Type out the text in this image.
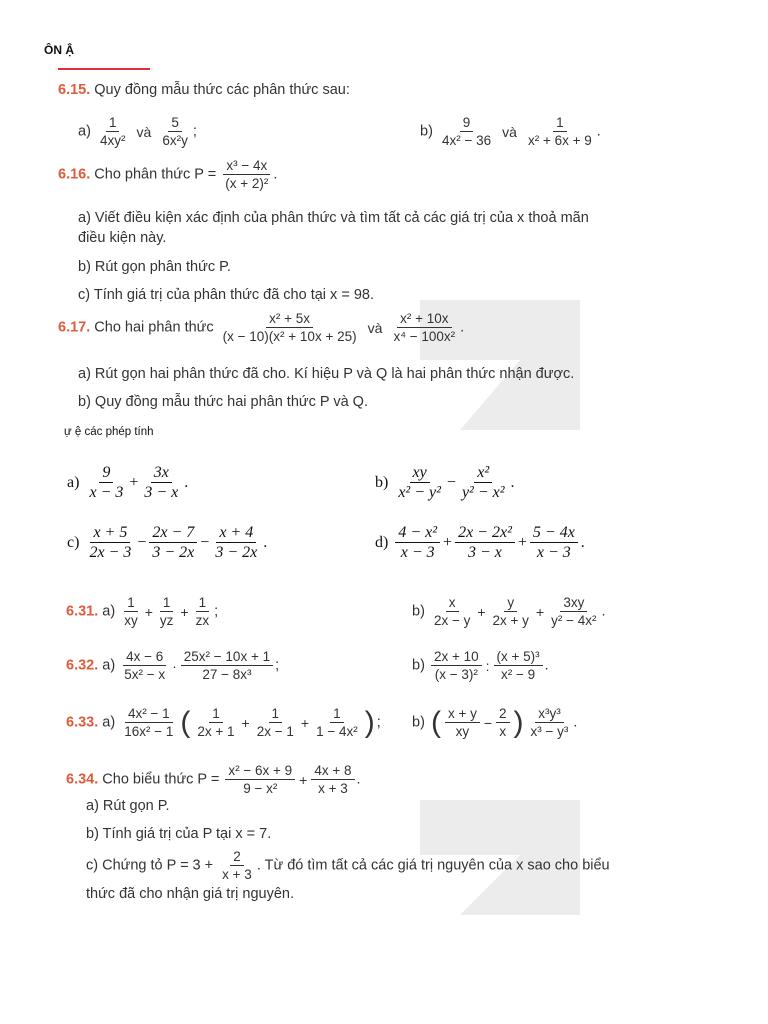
ÔN Ậ
6.15. Quy đồng mẫu thức các phân thức sau:
$a) \frac{1}{\text{4xy²}}$ và $\frac{5}{\text{6x²y}}$ ;	$b) \frac{9}{\text{4x² − 36}}$ và $\frac{1}{\text{x² + 6x + 9}}$ .
6.16. Cho phân thức $P = \frac{\text{x³ − 4x}}{\text{(x + 2)²}}$ .
a) Viết điều kiện xác định của phân thức và tìm tất cả các giá trị của x thoả mãn
điều kiện này.
b) Rút gọn phân thức P.
c) Tính giá trị của phân thức đã cho tại x = 98.
6.17. Cho hai phân thức $\frac{\text{x² + 5x}}{\text{(x − 10)(x² + 10x + 25)}}$ và $\frac{\text{x² + 10x}}{\text{x⁴ − 100x²}}$ .
a) Rút gọn hai phân thức đã cho. Kí hiệu P và Q là hai phân thức nhận được.
b) Quy đồng mẫu thức hai phân thức P và Q.
ự ệ các phép tính
$a) \frac{9}{x - 3} + \frac{3x}{3 - x}$ .	$b) \frac{xy}{\text{x² − y²}} - \frac{\text{x²}}{\text{y² − x²}}$ .
$c) \frac{x + 5}{2x - 3} - \frac{2x - 7}{3 - 2x} - \frac{x + 4}{3 - 2x}$ .	$d) \frac{\text{4 − x²}}{x - 3} + \frac{\text{2x − 2x²}}{3 - x} + \frac{5 - 4x}{x - 3}$ .
6.31. $a) \frac{1}{xy} + \frac{1}{yz} + \frac{1}{zx}$ ;	$b) \frac{x}{2x - y} + \frac{y}{2x + y} + \frac{3xy}{\text{y² − 4x²}}$ .
6.32. $a) \frac{4x - 6}{\text{5x² − x}} \cdot \frac{\text{25x² − 10x + 1}}{\text{27 − 8x³}}$ ;	$b) \frac{2x + 10}{\text{(x − 3)²}}$ : $\frac{\text{(x + 5)³}}{\text{x² − 9}}$ .
6.33. $a) \frac{\text{4x² − 1}}{\text{16x² − 1}}$ ( $\frac{1}{2x + 1} + \frac{1}{2x - 1} + \frac{1}{\text{1 − 4x²}}$ ) ; b) ( $\frac{x + y}{xy} - \frac{2}{x}$ ) $\frac{\text{x³y³}}{\text{x³ − y³}}$ .
6.34. Cho biểu thức $P = \frac{\text{x² − 6x + 9}}{\text{9 − x²}} + \frac{4x + 8}{x + 3}$ .
a) Rút gọn P.
b) Tính giá trị của P tại x = 7.
c) Chứng tỏ $P = 3 + \frac{2}{x + 3}$ . Từ đó tìm tất cả các giá trị nguyên của x sao cho biểu
thức đã cho nhận giá trị nguyên.
